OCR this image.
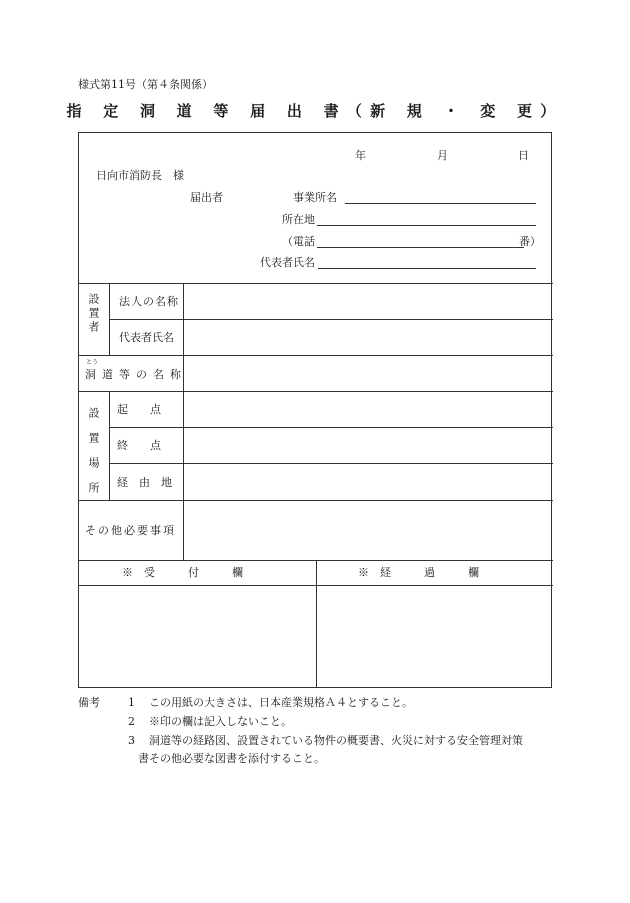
様式第11号（第４条関係）
指 定 洞 道 等 届 出 書（新 規 ・ 変 更）
年	月	日
日向市消防長　様
届出者	事業所名
所在地
（電話	番）
代表者氏名
設置者 法人の名称
代表者氏名
とう
洞道等の名称
設置場所 起　　点
終　　点
経　由　地
その他必要事項
※　受　　　付　　　欄	※　経　　　過　　　欄
備考	1 この用紙の大きさは、日本産業規格Ａ４とすること。
2 ※印の欄は記入しないこと。
3 洞道等の経路図、設置されている物件の概要書、火災に対する安全管理対策
書その他必要な図書を添付すること。
